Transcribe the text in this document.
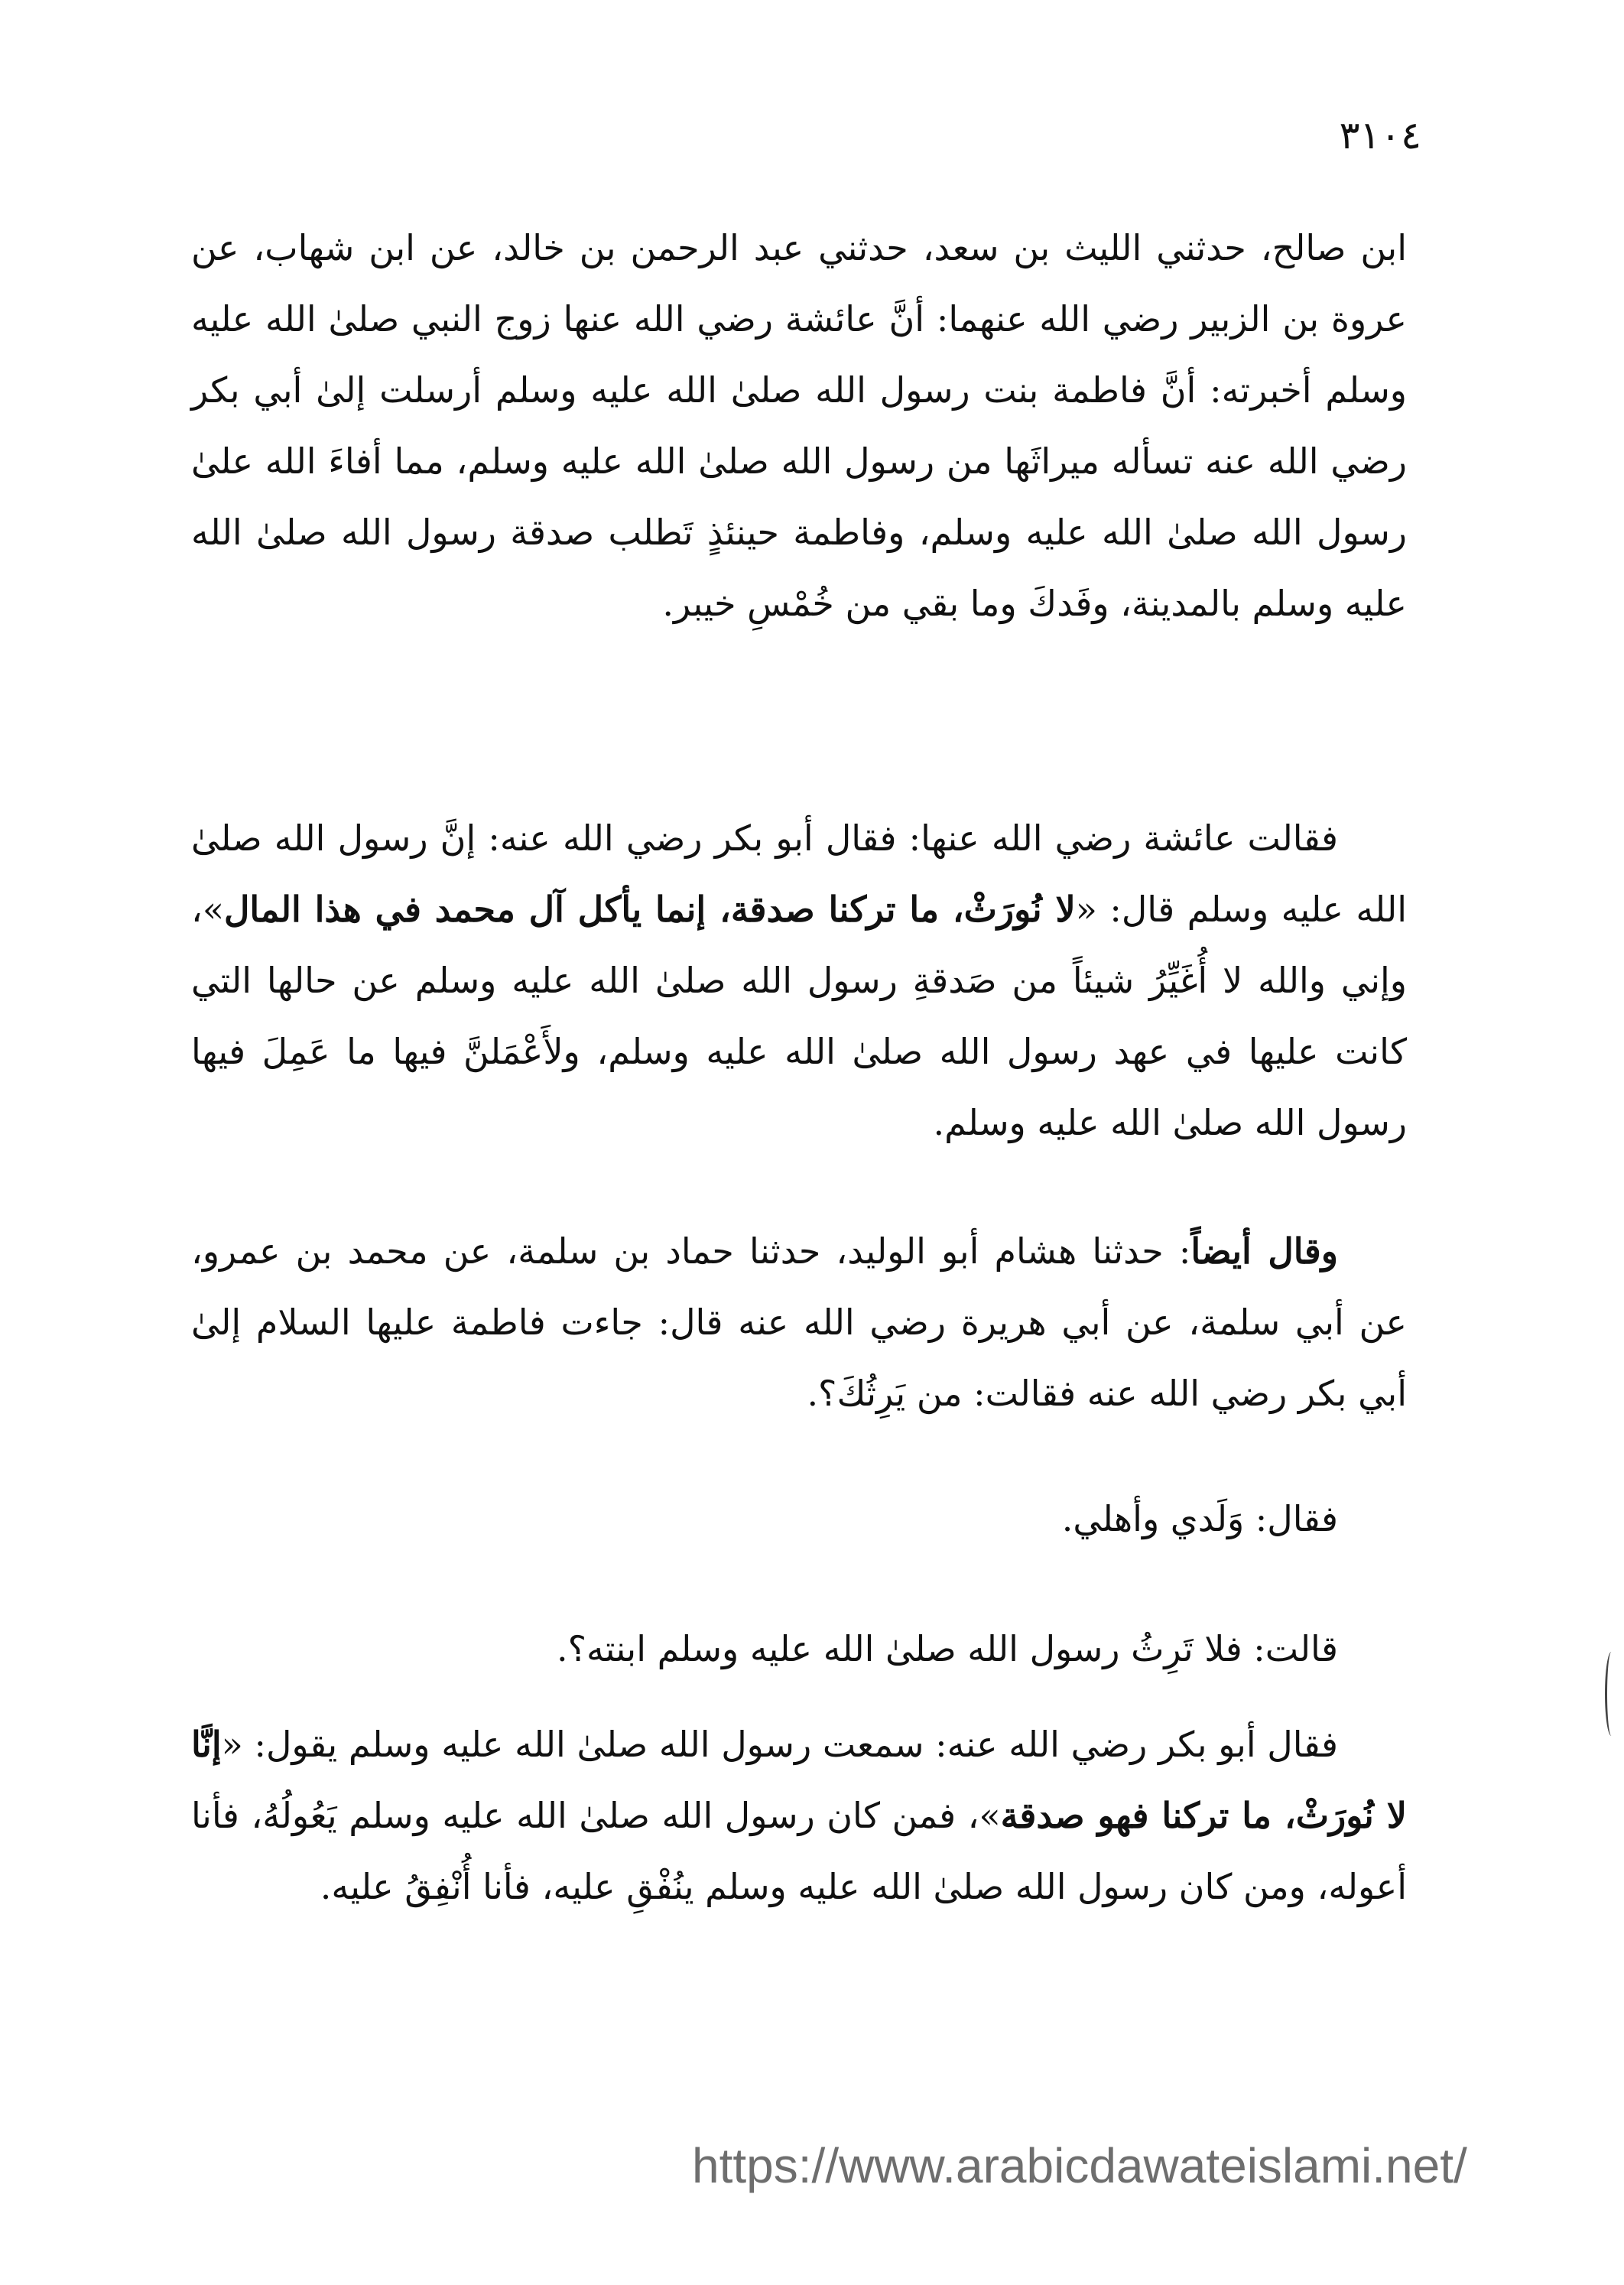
٣١٠٤

ابن صالح، حدثني الليث بن سعد، حدثني عبد الرحمن بن خالد، عن ابن شهاب، عن عروة بن الزبير رضي الله عنهما: أنَّ عائشة رضي الله عنها زوج النبي صلىٰ الله عليه وسلم أخبرته: أنَّ فاطمة بنت رسول الله صلىٰ الله عليه وسلم أرسلت إلىٰ أبي بكر رضي الله عنه تسأله ميراثَها من رسول الله صلىٰ الله عليه وسلم، مما أفاءَ الله علىٰ رسول الله صلىٰ الله عليه وسلم، وفاطمة حينئذٍ تَطلب صدقة رسول الله صلىٰ الله عليه وسلم بالمدينة، وفَدكَ وما بقي من خُمْسِ خيبر.

فقالت عائشة رضي الله عنها: فقال أبو بكر رضي الله عنه: إنَّ رسول الله صلىٰ الله عليه وسلم قال: «لا نُورَثْ، ما تركنا صدقة، إنما يأكل آل محمد في هذا المال»، وإني والله لا أُغَيِّرُ شيئاً من صَدقةِ رسول الله صلىٰ الله عليه وسلم عن حالها التي كانت عليها في عهد رسول الله صلىٰ الله عليه وسلم، ولأَعْمَلنَّ فيها ما عَمِلَ فيها رسول الله صلىٰ الله عليه وسلم.

وقال أيضاً: حدثنا هشام أبو الوليد، حدثنا حماد بن سلمة، عن محمد بن عمرو، عن أبي سلمة، عن أبي هريرة رضي الله عنه قال: جاءت فاطمة عليها السلام إلىٰ أبي بكر رضي الله عنه فقالت: من يَرِثُكَ؟.

فقال: وَلَدي وأهلي.

قالت: فلا تَرِثُ رسول الله صلىٰ الله عليه وسلم ابنته؟.

فقال أبو بكر رضي الله عنه: سمعت رسول الله صلىٰ الله عليه وسلم يقول: «إنَّا لا نُورَثْ، ما تركنا فهو صدقة»، فمن كان رسول الله صلىٰ الله عليه وسلم يَعُولُهُ، فأنا أعوله، ومن كان رسول الله صلىٰ الله عليه وسلم ينُفْقِ عليه، فأنا أُنْفِقُ عليه.

https://www.arabicdawateislami.net/
